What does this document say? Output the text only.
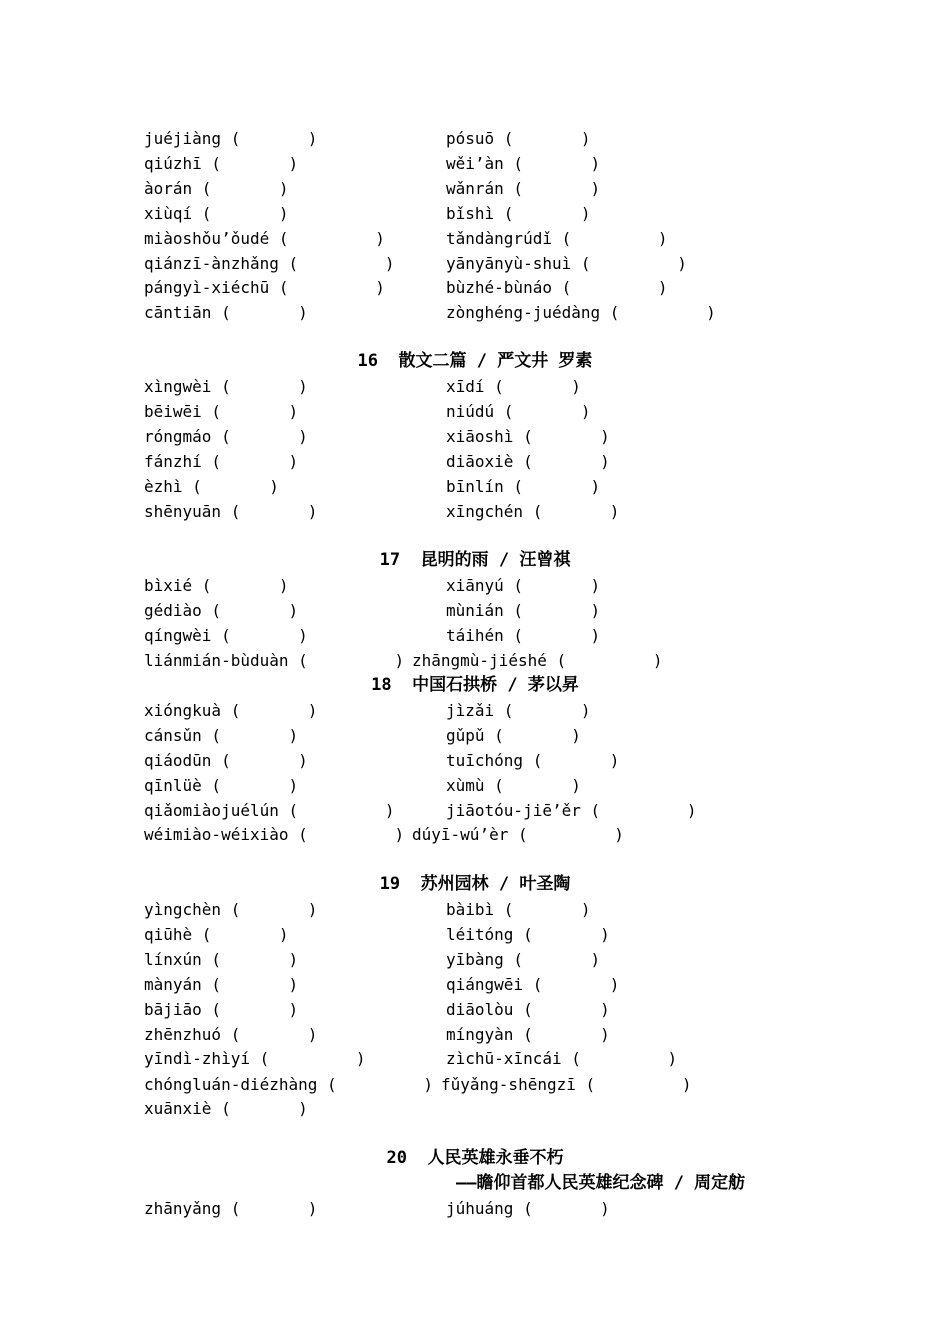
juéjiàng (       )	pósuō (       )
qiúzhī (       )	wěi’àn (       )
àorán (       )	wǎnrán (       )
xiùqí (       )	bǐshì (       )
miàoshǒu’ǒudé (         )	tǎndàngrúdǐ (         )
qiánzī-ànzhǎng (         )	yānyānyù-shuì (         )
pángyì-xiéchū (         )	bùzhé-bùnáo (         )
cāntiān (       )	zònghéng-juédàng (         )
xìngwèi (       )	xīdí (       )
bēiwēi (       )	niúdú (       )
róngmáo (       )	xiāoshì (       )
fánzhí (       )	diāoxiè (       )
èzhì (       )	bīnlín (       )
shēnyuān (       )	xīngchén (       )
bìxié (       )	xiānyú (       )
gédiào (       )	mùnián (       )
qíngwèi (       )	táihén (       )
xióngkuà (       )	jìzǎi (       )
cánsǔn (       )	gǔpǔ (       )
qiáodūn (       )	tuīchóng (       )
qīnlüè (       )	xùmù (       )
qiǎomiàojuélún (         )	jiāotóu-jiē’ěr (         )
yìngchèn (       )	bàibì (       )
qiūhè (       )	léitóng (       )
línxún (       )	yībàng (       )
mànyán (       )	qiángwēi (       )
bājiāo (       )	diāolòu (       )
zhēnzhuó (       )	míngyàn (       )
yīndì-zhìyí (         )	zìchū-xīncái (         )
zhānyǎng (       )	júhuáng (       )
16  散文二篇 / 严文井 罗素
17  昆明的雨 / 汪曾祺
18  中国石拱桥 / 茅以昇
19  苏州园林 / 叶圣陶
20  人民英雄永垂不朽
——瞻仰首都人民英雄纪念碑 / 周定舫
liánmián-bùduàn (         ) zhāngmù-jiéshé (         )
wéimiào-wéixiào (         ) dúyī-wú’èr (         )
chóngluán-diézhàng (         ) fǔyǎng-shēngzī (         )
xuānxiè (       )
